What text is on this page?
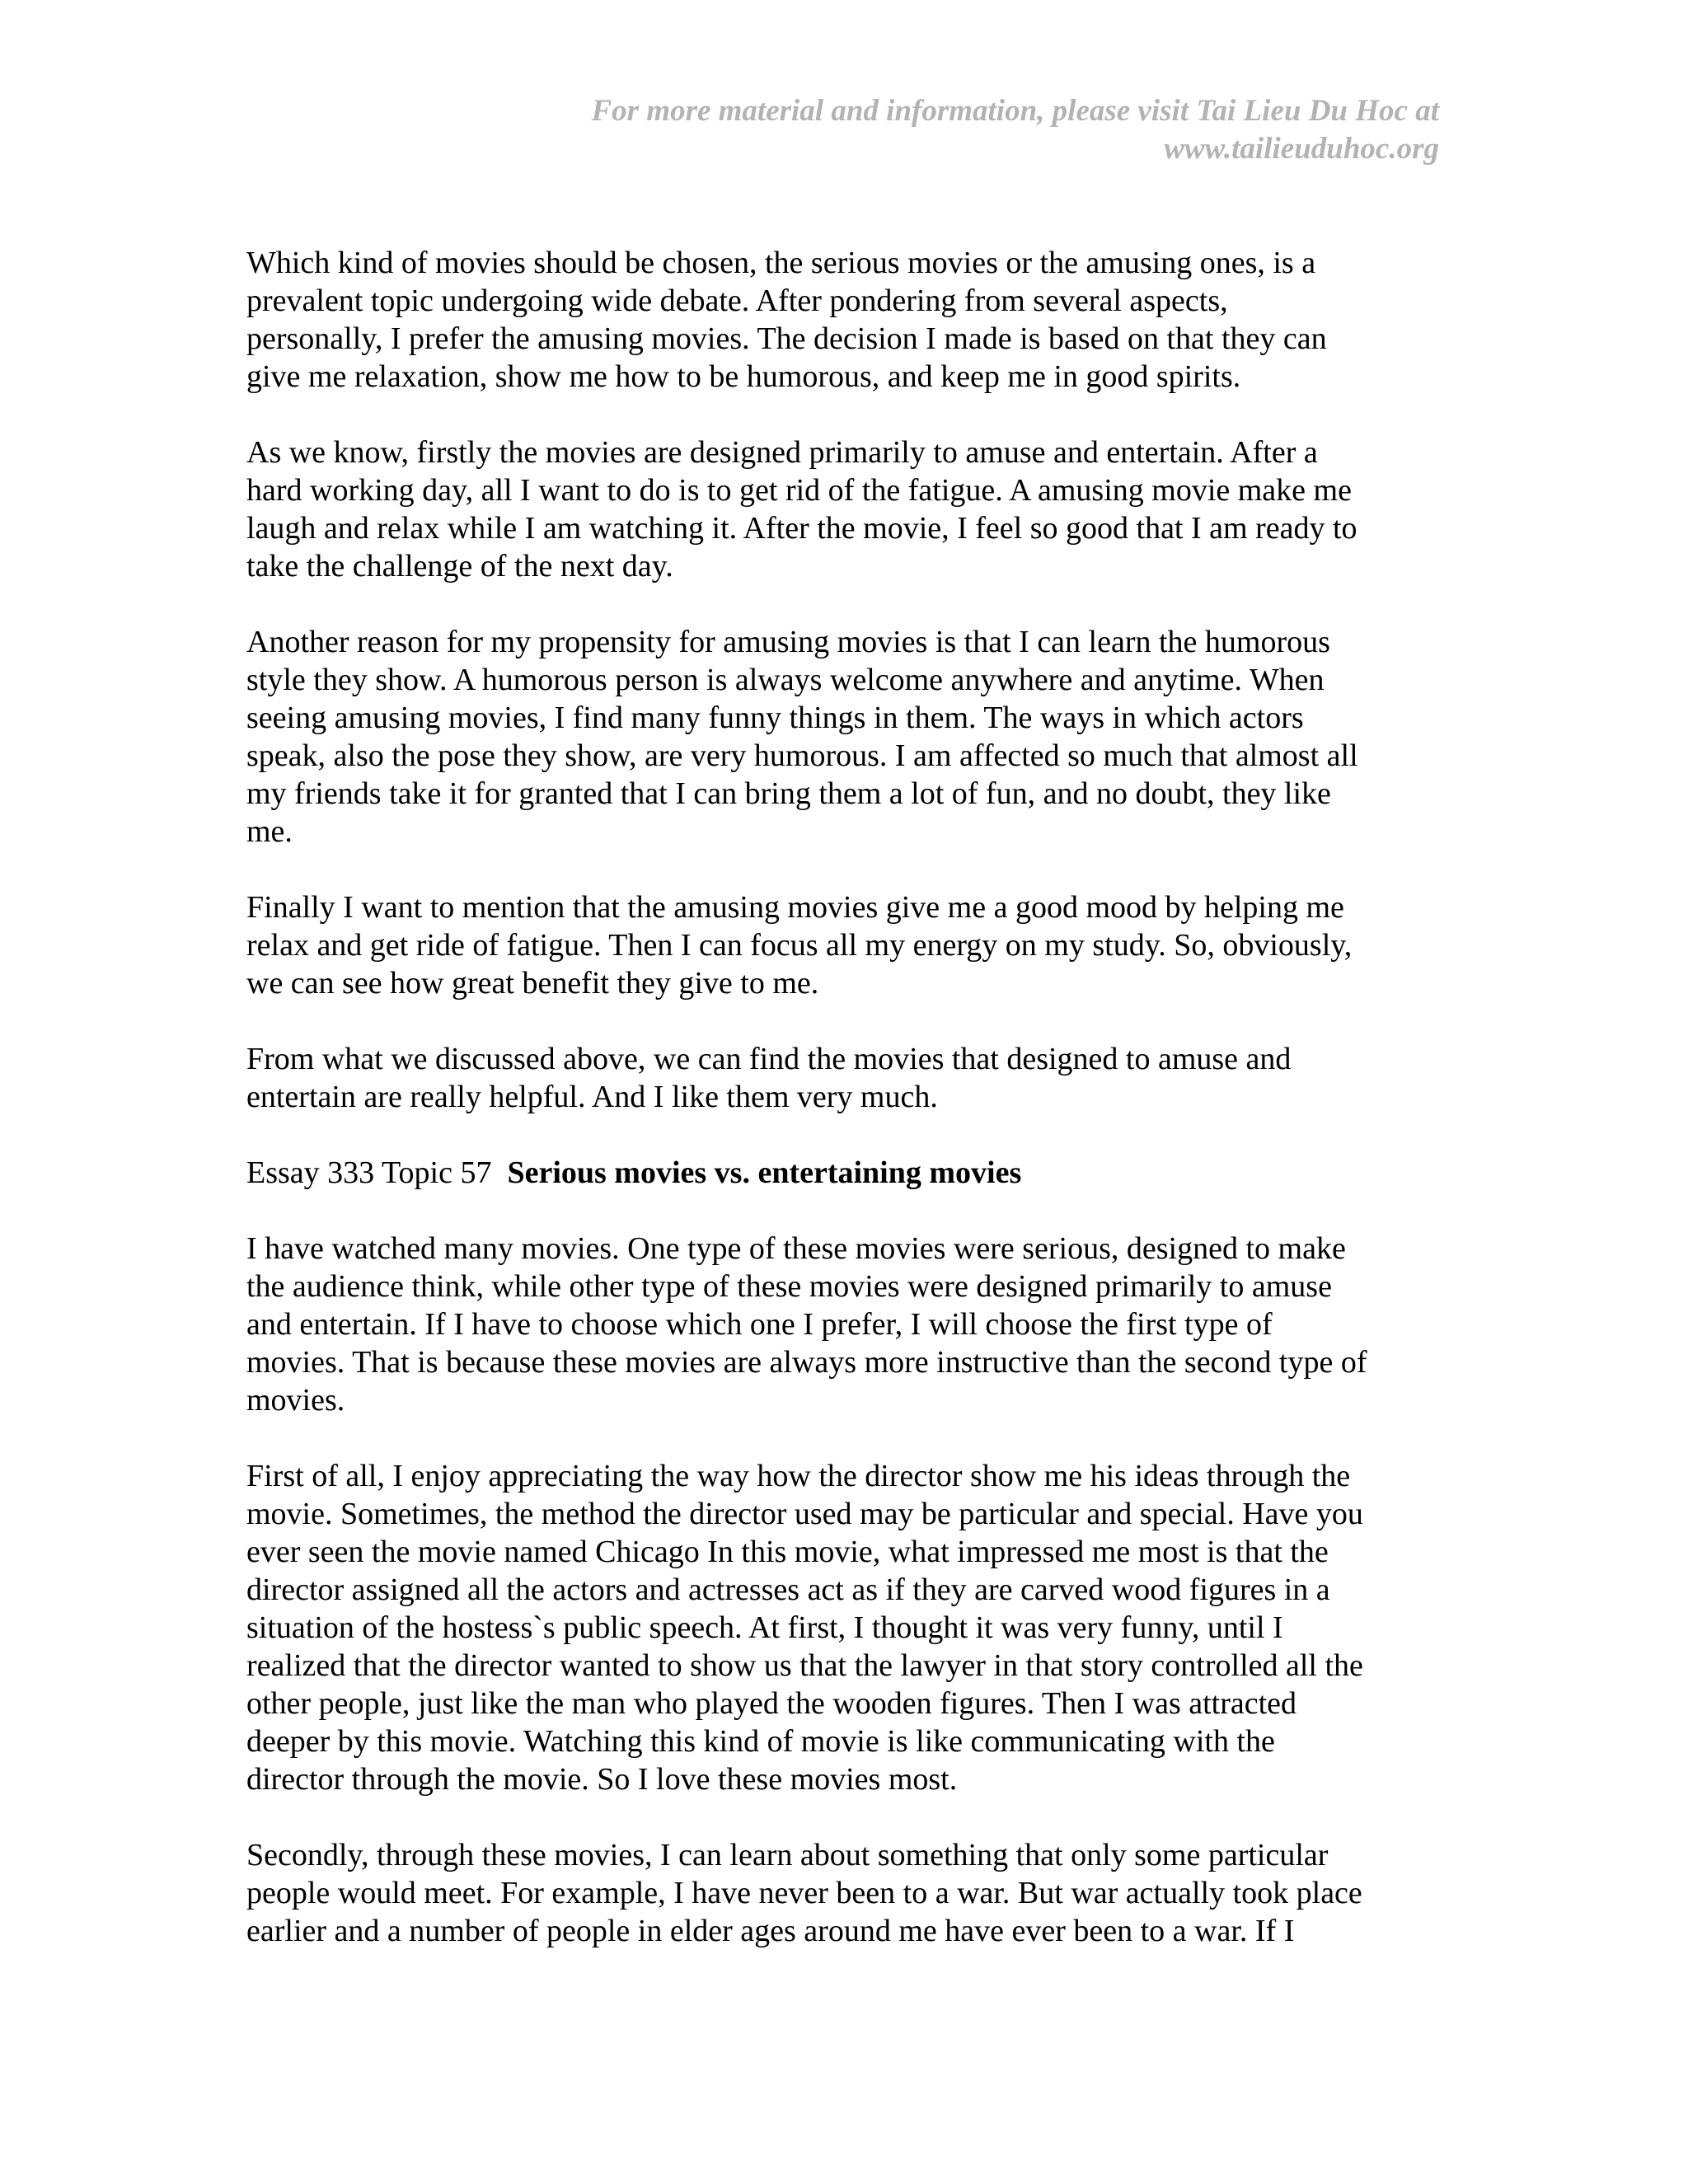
For more material and information, please visit Tai Lieu Du Hoc at
www.tailieuduhoc.org

Which kind of movies should be chosen, the serious movies or the amusing ones, is a
prevalent topic undergoing wide debate. After pondering from several aspects,
personally, I prefer the amusing movies. The decision I made is based on that they can
give me relaxation, show me how to be humorous, and keep me in good spirits.

As we know, firstly the movies are designed primarily to amuse and entertain. After a
hard working day, all I want to do is to get rid of the fatigue. A amusing movie make me
laugh and relax while I am watching it. After the movie, I feel so good that I am ready to
take the challenge of the next day.

Another reason for my propensity for amusing movies is that I can learn the humorous
style they show. A humorous person is always welcome anywhere and anytime. When
seeing amusing movies, I find many funny things in them. The ways in which actors
speak, also the pose they show, are very humorous. I am affected so much that almost all
my friends take it for granted that I can bring them a lot of fun, and no doubt, they like
me.

Finally I want to mention that the amusing movies give me a good mood by helping me
relax and get ride of fatigue. Then I can focus all my energy on my study. So, obviously,
we can see how great benefit they give to me.

From what we discussed above, we can find the movies that designed to amuse and
entertain are really helpful. And I like them very much.

Essay 333 Topic 57 Serious movies vs. entertaining movies

I have watched many movies. One type of these movies were serious, designed to make
the audience think, while other type of these movies were designed primarily to amuse
and entertain. If I have to choose which one I prefer, I will choose the first type of
movies. That is because these movies are always more instructive than the second type of
movies.

First of all, I enjoy appreciating the way how the director show me his ideas through the
movie. Sometimes, the method the director used may be particular and special. Have you
ever seen the movie named Chicago In this movie, what impressed me most is that the
director assigned all the actors and actresses act as if they are carved wood figures in a
situation of the hostess`s public speech. At first, I thought it was very funny, until I
realized that the director wanted to show us that the lawyer in that story controlled all the
other people, just like the man who played the wooden figures. Then I was attracted
deeper by this movie. Watching this kind of movie is like communicating with the
director through the movie. So I love these movies most.

Secondly, through these movies, I can learn about something that only some particular
people would meet. For example, I have never been to a war. But war actually took place
earlier and a number of people in elder ages around me have ever been to a war. If I
